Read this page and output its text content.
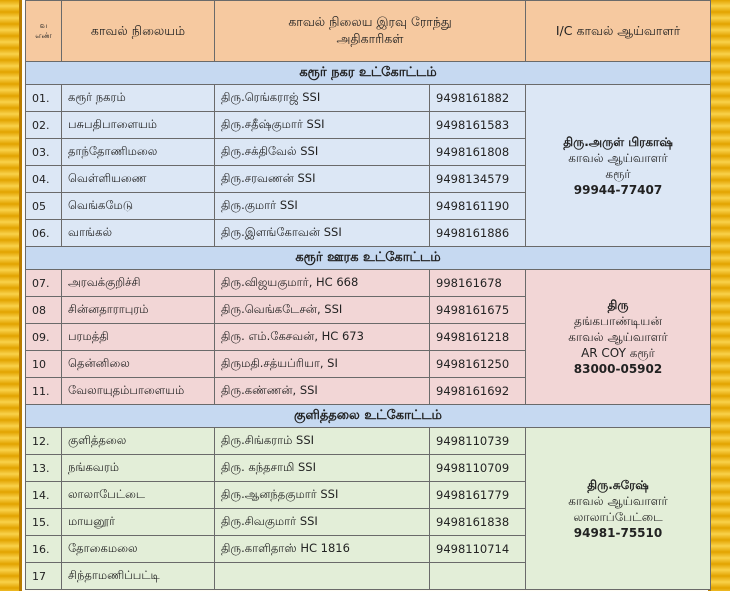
வ
எண்	காவல் நிலையம்	காவல் நிலைய இரவு ரோந்து
அதிகாரிகள்		I/C காவல் ஆய்வாளர்
கரூர் நகர உட்கோட்டம்				
01.	கரூர் நகரம்	திரு.ரெங்கராஜ் SSI	9498161882	திரு.அருள் பிரகாஷ்
காவல் ஆய்வாளர்
கரூர்
99944-77407

02.	பசுபதிபாளையம்	திரு.சதீஷ்குமார் SSI	9498161583	
03.	தாந்தோணிமலை	திரு.சக்திவேல் SSI	9498161808	
04.	வெள்ளியணை	திரு.சரவணன் SSI	9498134579	
05	வெங்கமேடு	திரு.குமார் SSI	9498161190	
06.	வாங்கல்	திரு.இளங்கோவன் SSI	9498161886	
கரூர் ஊரக உட்கோட்டம்				
07.	அரவக்குறிச்சி	திரு.விஜயகுமார், HC 668	998161678	திரு
தங்கபாண்டியன்
காவல் ஆய்வாளர்
AR COY கரூர்
83000-05902

08	சின்னதாராபுரம்	திரு.வெங்கடேசன், SSI	9498161675	
09.	பரமத்தி	திரு. எம்.கேசவன், HC 673	9498161218	
10	தென்னிலை	திருமதி.சத்யப்ரியா, SI	9498161250	
11.	வேலாயுதம்பாளையம்	திரு.கண்ணன், SSI	9498161692	
குளித்தலை உட்கோட்டம்				
12.	குளித்தலை	திரு.சிங்கராம் SSI	9498110739	திரு.சுரேஷ்
காவல் ஆய்வாளர்
லாலாப்பேட்டை
94981-75510

13.	நங்கவரம்	திரு. கந்தசாமி SSI	9498110709	
14.	லாலாபேட்டை	திரு.ஆனந்தகுமார் SSI	9498161779	
15.	மாயனூர்	திரு.சிவகுமார் SSI	9498161838	
16.	தோகைமலை	திரு.காளிதாஸ் HC 1816	9498110714	
17	சிந்தாமணிப்பட்டி			
